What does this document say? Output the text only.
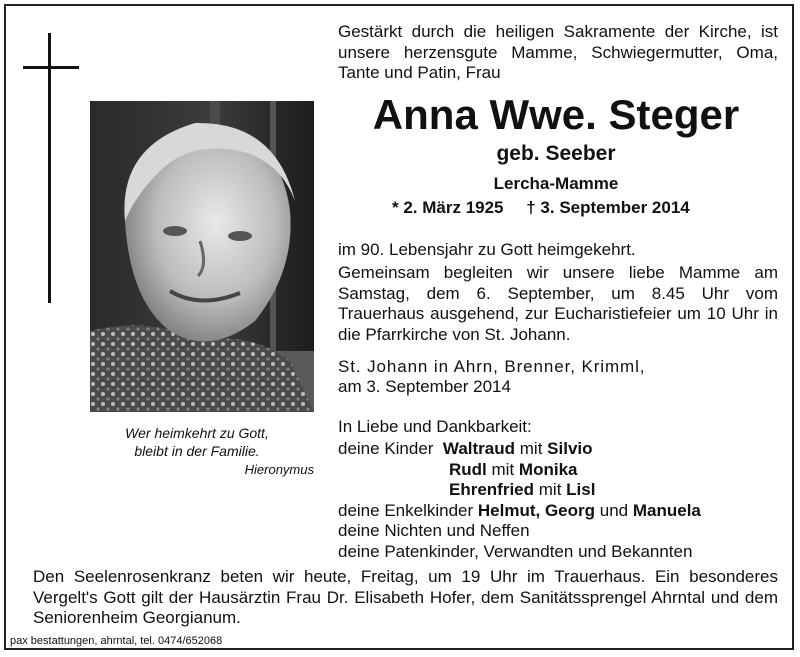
Wer heimkehrt zu Gott,
bleibt in der Familie.
Hieronymus
Gestärkt durch die heiligen Sakramente der Kirche, ist unsere herzensgute Mamme, Schwiegermutter, Oma, Tante und Patin, Frau
Anna Wwe. Steger
geb. Seeber
Lercha-Mamme
* 2. März 1925 † 3. September 2014
im 90. Lebensjahr zu Gott heimgekehrt.
Gemeinsam begleiten wir unsere liebe Mamme am Samstag, dem 6. September, um 8.45 Uhr vom Trauerhaus ausgehend, zur Eucharistiefeier um 10 Uhr in die Pfarrkirche von St. Johann.
St. Johann in Ahrn, Brenner, Krimml,
am 3. September 2014
In Liebe und Dankbarkeit:
deine Kinder Waltraud mit Silvio
Rudl mit Monika
Ehrenfried mit Lisl
deine Enkelkinder Helmut, Georg und Manuela
deine Nichten und Neffen
deine Patenkinder, Verwandten und Bekannten
Den Seelenrosenkranz beten wir heute, Freitag, um 19 Uhr im Trauerhaus. Ein besonderes Vergelt's Gott gilt der Hausärztin Frau Dr. Elisabeth Hofer, dem Sanitätssprengel Ahrntal und dem Seniorenheim Georgianum.
pax bestattungen, ahrntal, tel. 0474/652068
